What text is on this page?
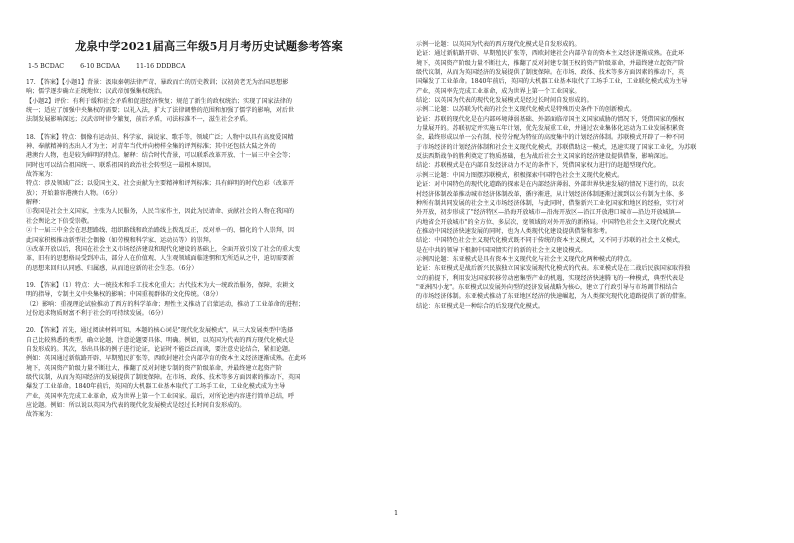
龙泉中学2021届高三年级5月月考历史试题参考答案
1-5 BCDAC        6-10 BCDAA        11-16 DDDBCA

17. 【答案】【小题1】背景：汲取秦朝法律严苛、暴政而亡的历史教训；汉初黄老无为治国思想影

响；儒学逐步确立正统地位；汉武帝加强集权统治。

【小题2】评价：有利于缓和社会矛盾和促进经济恢复；规范了新生的政权统治；实现了国家法律的

统一；适应了加强中央集权的需要；以礼入法，扩大了法律调整的范围和加强了儒学的影响，对后世

法制发展影响深远；汉武帝时律令繁复，前后矛盾，司法标准不一，滋生社会矛盾。

18. 【答案】特点：偶像有运动员、科学家、演说家、歌手等，领域广泛；人物中以具有高度爱国精

神、奉献精神的杰出人才为主；对青年当代并向榜样全集的评判标准；其中还包括大陆之外的

港澳台人物，也是较为鲜明的特点。解释：结合时代背景，可以联系改革开放、十一届三中全会等；

同时也可以结合祖国统一、联系祖国的政治社会转型这一最根本原因。

故答案为：

特点：涉及领域广泛；以爱国主义、社会贡献为主要精神和评判标准；具有鲜明的时代色彩（改革开

放）；开始兼容港澳台人物。（6分）

解释：

①我国是社会主义国家，主张为人民服务，人民当家作主，因此为民请命、贡献社会的人物在我国的

社会舆论之下倍受崇敬。

②十一届三中全会在思想路线、组织路线和政治路线上拨乱反正，反对单一的、僵化的个人崇拜，因

此国家积极推动新型社会偶像（如劳模和科学家、运动员等）的崇拜。

③改革开放以后，我国在社会主义市场经济建设和现代化建设的基础上，全面开放引发了社会的重大变

革，旧有的思想格局受到冲击，部分人在价值观、人生观领域面临迷惘和无所适从之中，迫切需要新

的思想来回归认同感、归属感，从而追应新的社会生态。（6分）

19. 【答案】（1）特点：大一统技术和手工技术化重大；古代技术为大一统政治服务，保障，农耕文

明的指导，专制主义中央集权的影响；中国重视群体的文化传统。（8分）

（2）影响：重视理论试验推动了西方的科学革命；理性主义推动了启蒙运动，推动了工业革命的进程；

过份追求物质财富不利于社会的可持续发展。（6分）

20. 【答案】首先，通过阅读材料可知，本题的核心词是"现代化发展模式"，从三大发展类型中选择

自己比较熟悉的类型，确立论题，注意论题要具体、明确。例如，以英国为代表的西方现代化模式是

自发形成的。其次，举出具体的例子进行论证，论证时不能泛泛而谈，要注意史论结合，紧扣论题。

例如：英国通过新航路开辟、早期殖民扩张等，西欧封建社会内部孕育的资本主义经济逐渐成熟。在此环

境下，英国资产阶级力量不断壮大，推翻了反对封建专制的资产阶级革命，并最终建立起资产阶

级代议制，从而为英国经济的发展提供了制度保障。在市场、政体、技术等多方面因素的推动下，英国

爆发了工业革命。1840年前后，英国的大机器工业基本取代了工场手工业，工业化模式成为主导

产业，英国率先完成工业革命，成为世界上第一个工业国家。最后，对所论述内容进行简单总结，呼

应论题。例如：所以说以英国为代表的现代化发展模式是经过长时间自发形成的。

故答案为：

示例一论题：以英国为代表的西方现代化模式是自发形成的。

论证：通过新航路开辟、早期殖民扩张等，西欧封建社会内部孕育的资本主义经济逐渐成熟。在此环

境下，英国资产阶级力量不断壮大，推翻了反对封建专制王权的资产阶级革命，并最终建立起资产阶

级代议制，从而为英国经济的发展提供了制度保障。在市场、政体、技术等多方面因素的推动下，英

国爆发了工业革命。1840年前后，英国的大机器工业基本取代了工场手工业，工业联化模式成为主导

产业，英国率先完成工业革命，成为世界上第一个工业国家。

结论：以英国为代表的现代化发展模式是经过长时间自发形成的。

示例二论题：以苏联为代表的社会主义现代化模式是特殊历史条件下的创新模式。

论证：苏联的现代化是在内部环境薄弱基础、外部面临帝国主义国家威胁的情况下，凭借国家的强权

力量展开的。苏联初定并实施五年计划，优先发展重工业，并通过农业集体化运动为工业发展积累资

金，最终形成以单一公有制、按劳分配为特征的高度集中的计划经济体制。苏联模式开辟了一种不同

于市场经济的计划经济体制和社会主义现代化模式，苏联借助这一模式，迅速实现了国家工业化，为苏联

反法西斯战争的胜利奠定了物质基础，也为战后社会主义国家的经济建设提供借鉴，影响深远。

结论：苏联模式是在内部自发经济动力不足的条件下，凭借国家权力进行的赶超型现代化。

示例三论题：中国力图摆苏联模式，积极探索中国特色社会主义现代化模式。

论证：对中国特色的现代化道路的探索是在内部经济薄弱、外部世界快速发展的情况下进行的，以农

村经济体制改革推动城市经济体制改革，循序渐进，从计划经济体制逐渐过渡到以公有制为主体、多

种所有制共同发展的社会主义市场经济体制，与此同时，借鉴新兴工业化国家和地区的经验，实行对

外开放，初步形成了"经济特区—沿海开放城市—沿海开放区—沿江开放港口城市—沿边开放城镇—

内地省会开放城市"的全方位、多层次、宽领域的对外开放的新格局。中国特色社会主义现代化模式

在推动中国经济快速发展的同时，也为人类现代化建设提供借鉴和参考。

结论：中国特色社会主义现代化模式既不同于传统的资本主义模式，又不同于苏联的社会主义模式，

是在中共的领导下根据中国国情实行的新的社会主义建设模式。

示例四论题：东亚模式是具有资本主义现代化与社会主义现代化两种模式的特点。

论证：东亚模式是战后新兴民族独立国家发展现代化模式的代表。东亚模式是在二战后民族国家取得独

立的前提下，利用发达国家转移劳动密集型产业的机遇，实现经济快速腾飞的一种模式，典型代表是

"亚洲四小龙"。东亚模式以发展外向型的经济发展战略为核心，建立了行政引导与市场调节相结合

的市场经济体制。东亚模式推动了东亚地区经济的快速崛起，为人类探究现代化道路提供了新的借鉴。

结论：东亚模式是一种综合的后发现代化模式。

1
